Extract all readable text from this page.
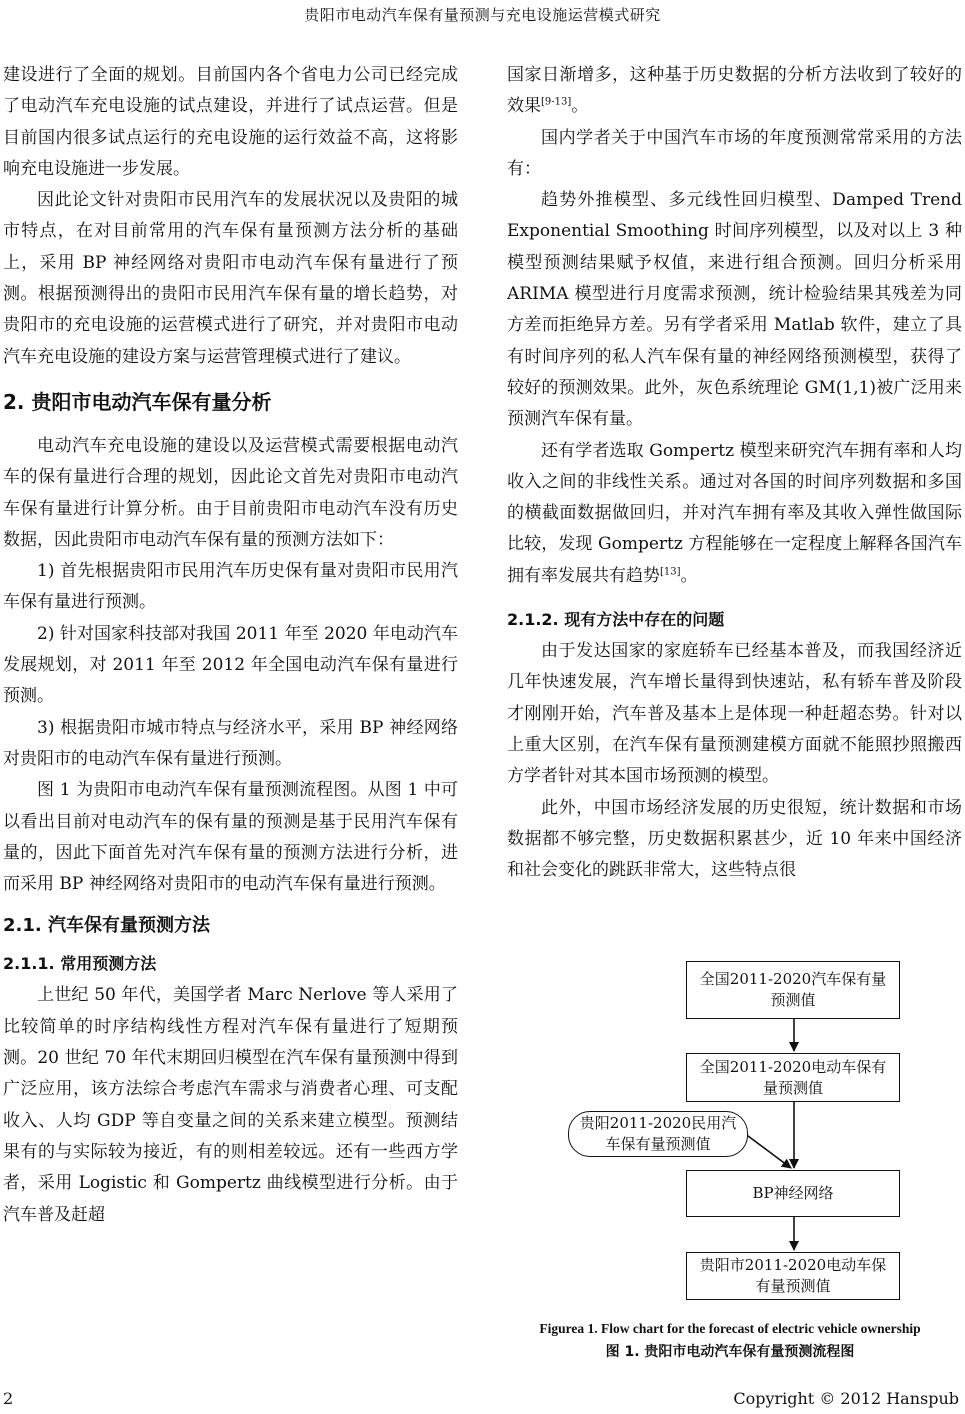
贵阳市电动汽车保有量预测与充电设施运营模式研究

建设进行了全面的规划。目前国内各个省电力公司已经完成了电动汽车充电设施的试点建设，并进行了试点运营。但是目前国内很多试点运行的充电设施的运行效益不高，这将影响充电设施进一步发展。

因此论文针对贵阳市民用汽车的发展状况以及贵阳的城市特点，在对目前常用的汽车保有量预测方法分析的基础上，采用 BP 神经网络对贵阳市电动汽车保有量进行了预测。根据预测得出的贵阳市民用汽车保有量的增长趋势，对贵阳市的充电设施的运营模式进行了研究，并对贵阳市电动汽车充电设施的建设方案与运营管理模式进行了建议。

2. 贵阳市电动汽车保有量分析

电动汽车充电设施的建设以及运营模式需要根据电动汽车的保有量进行合理的规划，因此论文首先对贵阳市电动汽车保有量进行计算分析。由于目前贵阳市电动汽车没有历史数据，因此贵阳市电动汽车保有量的预测方法如下：

1) 首先根据贵阳市民用汽车历史保有量对贵阳市民用汽车保有量进行预测。

2) 针对国家科技部对我国 2011 年至 2020 年电动汽车发展规划，对 2011 年至 2012 年全国电动汽车保有量进行预测。

3) 根据贵阳市城市特点与经济水平，采用 BP 神经网络对贵阳市的电动汽车保有量进行预测。

图 1 为贵阳市电动汽车保有量预测流程图。从图 1 中可以看出目前对电动汽车的保有量的预测是基于民用汽车保有量的，因此下面首先对汽车保有量的预测方法进行分析，进而采用 BP 神经网络对贵阳市的电动汽车保有量进行预测。

2.1. 汽车保有量预测方法
2.1.1. 常用预测方法

上世纪 50 年代，美国学者 Marc Nerlove 等人采用了比较简单的时序结构线性方程对汽车保有量进行了短期预测。20 世纪 70 年代末期回归模型在汽车保有量预测中得到广泛应用，该方法综合考虑汽车需求与消费者心理、可支配收入、人均 GDP 等自变量之间的关系来建立模型。预测结果有的与实际较为接近，有的则相差较远。还有一些西方学者，采用 Logistic 和 Gompertz 曲线模型进行分析。由于汽车普及赶超

国家日渐增多，这种基于历史数据的分析方法收到了较好的效果[9-13]。

国内学者关于中国汽车市场的年度预测常常采用的方法有：

趋势外推模型、多元线性回归模型、Damped Trend Exponential Smoothing 时间序列模型，以及对以上 3 种模型预测结果赋予权值，来进行组合预测。回归分析采用 ARIMA 模型进行月度需求预测，统计检验结果其残差为同方差而拒绝异方差。另有学者采用 Matlab 软件，建立了具有时间序列的私人汽车保有量的神经网络预测模型，获得了较好的预测效果。此外，灰色系统理论 GM(1,1)被广泛用来预测汽车保有量。

还有学者选取 Gompertz 模型来研究汽车拥有率和人均收入之间的非线性关系。通过对各国的时间序列数据和多国的横截面数据做回归，并对汽车拥有率及其收入弹性做国际比较，发现 Gompertz 方程能够在一定程度上解释各国汽车拥有率发展共有趋势[13]。

2.1.2. 现有方法中存在的问题

由于发达国家的家庭轿车已经基本普及，而我国经济近几年快速发展，汽车增长量得到快速站，私有轿车普及阶段才刚刚开始，汽车普及基本上是体现一种赶超态势。针对以上重大区别，在汽车保有量预测建模方面就不能照抄照搬西方学者针对其本国市场预测的模型。

此外，中国市场经济发展的历史很短，统计数据和市场数据都不够完整，历史数据积累甚少，近 10 年来中国经济和社会变化的跳跃非常大，这些特点很

全国2011-2020汽车保有量预测值
全国2011-2020电动车保有量预测值
贵阳2011-2020民用汽车保有量预测值
BP神经网络
贵阳市2011-2020电动车保有量预测值
Figurea 1. Flow chart for the forecast of electric vehicle ownership
图 1. 贵阳市电动汽车保有量预测流程图
2	Copyright © 2012 Hanspub
